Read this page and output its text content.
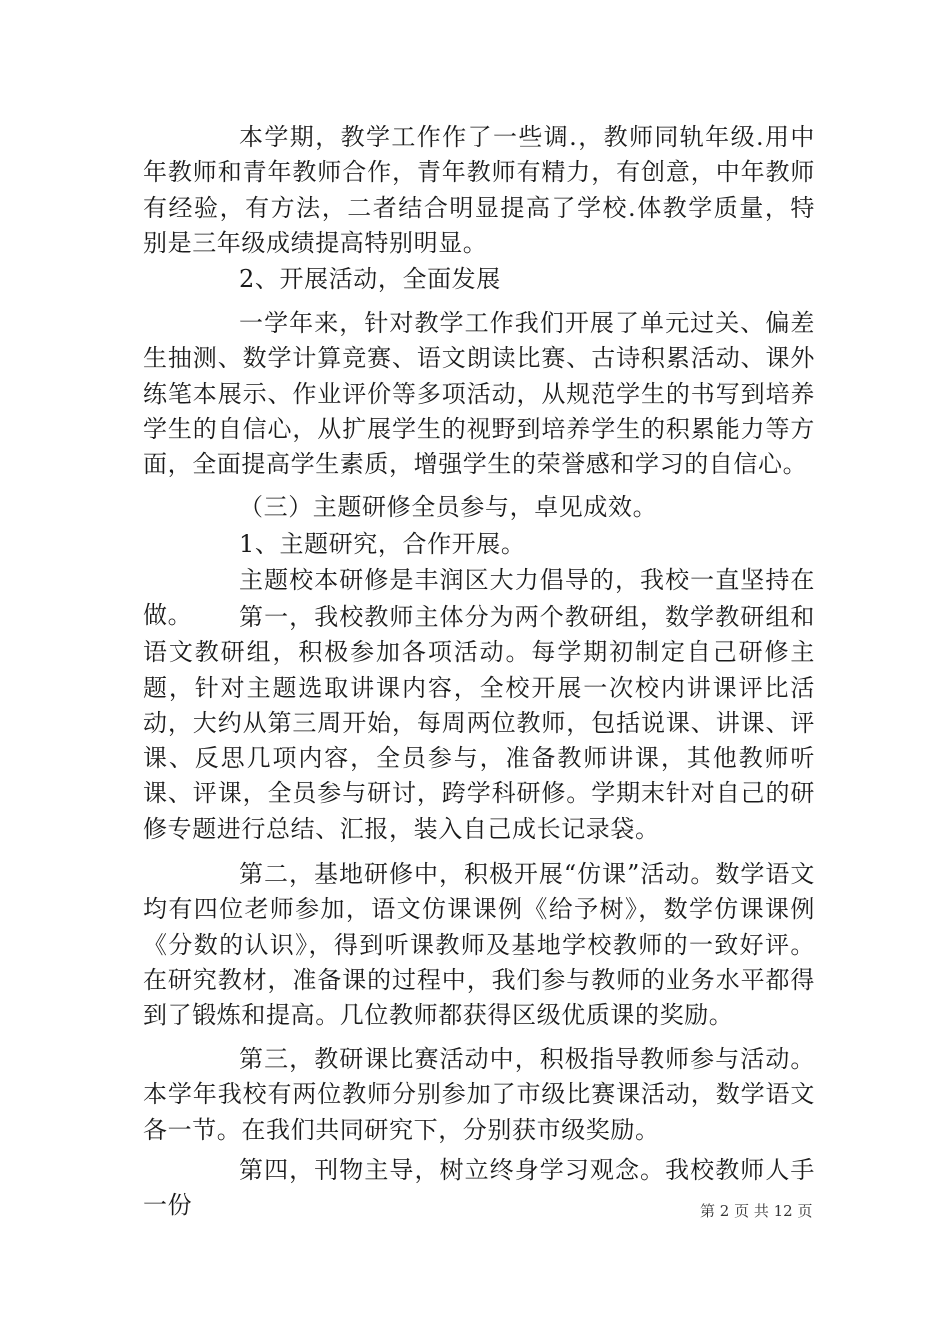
本学期，教学工作作了一些调.，教师同轨年级.用中年教师和青年教师合作，青年教师有精力，有创意，中年教师有经验，有方法，二者结合明显提高了学校.体教学质量，特别是三年级成绩提高特别明显。

2、开展活动，全面发展

一学年来，针对教学工作我们开展了单元过关、偏差生抽测、数学计算竞赛、语文朗读比赛、古诗积累活动、课外练笔本展示、作业评价等多项活动，从规范学生的书写到培养学生的自信心，从扩展学生的视野到培养学生的积累能力等方面，全面提高学生素质，增强学生的荣誉感和学习的自信心。

（三）主题研修全员参与，卓见成效。

1、主题研究，合作开展。

主题校本研修是丰润区大力倡导的，我校一直坚持在做。	第一，我校教师主体分为两个教研组，数学教研组和语文教研组，积极参加各项活动。每学期初制定自己研修主题，针对主题选取讲课内容，全校开展一次校内讲课评比活动，大约从第三周开始，每周两位教师，包括说课、讲课、评课、反思几项内容，全员参与，准备教师讲课，其他教师听课、评课，全员参与研讨，跨学科研修。学期末针对自己的研修专题进行总结、汇报，装入自己成长记录袋。

第二，基地研修中，积极开展“仿课”活动。数学语文均有四位老师参加，语文仿课课例《给予树》，数学仿课课例《分数的认识》，得到听课教师及基地学校教师的一致好评。在研究教材，准备课的过程中，我们参与教师的业务水平都得到了锻炼和提高。几位教师都获得区级优质课的奖励。

第三，教研课比赛活动中，积极指导教师参与活动。本学年我校有两位教师分别参加了市级比赛课活动，数学语文各一节。在我们共同研究下，分别获市级奖励。

第四，刊物主导，树立终身学习观念。我校教师人手一份	第 2 页 共 12 页
